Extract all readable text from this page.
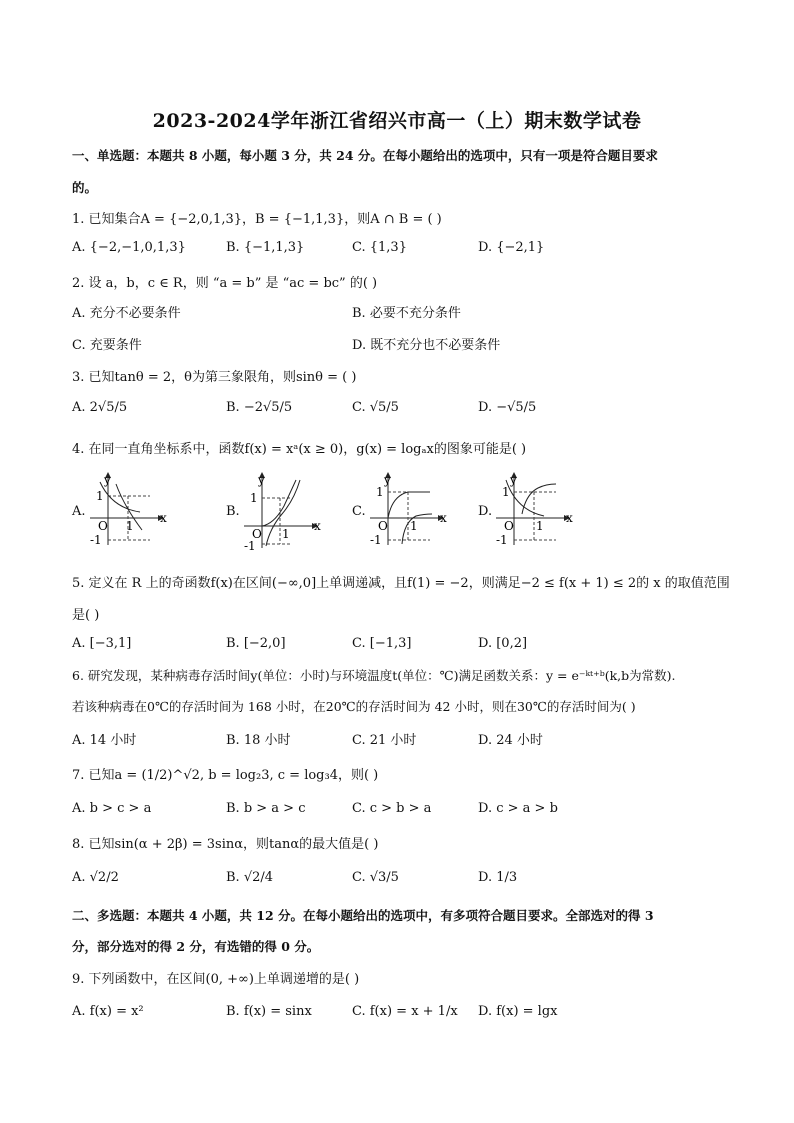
2023-2024学年浙江省绍兴市高一（上）期末数学试卷
一、单选题：本题共 8 小题，每小题 3 分，共 24 分。在每小题给出的选项中，只有一项是符合题目要求
的。
1. 已知集合A = {−2,0,1,3}，B = {−1,1,3}，则A ∩ B = ( )
A. {−2,−1,0,1,3}	B. {−1,1,3}	C. {1,3}	D. {−2,1}
2. 设 a，b，c ∈ R，则 “a = b” 是 “ac = bc” 的( )
A. 充分不必要条件	B. 必要不充分条件
C. 充要条件	D. 既不充分也不必要条件
3. 已知tanθ = 2，θ为第三象限角，则sinθ = ( )
A. 2√5/5	B. −2√5/5	C. √5/5	D. −√5/5
4. 在同一直角坐标系中，函数f(x) = xᵃ(x ≥ 0)，g(x) = logₐx的图象可能是( )
A.
y
x
1
O 1
-1
B.
y
x
1
O 1
-1
C.
y
x
1
O 1
-1
D.
y
x
1
O 1
-1
5. 定义在 R 上的奇函数f(x)在区间(−∞,0]上单调递减，且f(1) = −2，则满足−2 ≤ f(x + 1) ≤ 2的 x 的取值范围
是( )
A. [−3,1]	B. [−2,0]	C. [−1,3]	D. [0,2]
6. 研究发现，某种病毒存活时间y(单位：小时)与环境温度t(单位：℃)满足函数关系：y = e⁻ᵏᵗ⁺ᵇ(k,b为常数).
若该种病毒在0℃的存活时间为 168 小时，在20℃的存活时间为 42 小时，则在30℃的存活时间为( )
A. 14 小时	B. 18 小时	C. 21 小时	D. 24 小时
7. 已知a = (1/2)^√2, b = log₂3, c = log₃4，则( )
A. b > c > a	B. b > a > c	C. c > b > a	D. c > a > b
8. 已知sin(α + 2β) = 3sinα，则tanα的最大值是( )
A. √2/2	B. √2/4	C. √3/5	D. 1/3
二、多选题：本题共 4 小题，共 12 分。在每小题给出的选项中，有多项符合题目要求。全部选对的得 3
分，部分选对的得 2 分，有选错的得 0 分。
9. 下列函数中，在区间(0, +∞)上单调递增的是( )
A. f(x) = x²	B. f(x) = sinx	C. f(x) = x + 1/x D. f(x) = lgx
